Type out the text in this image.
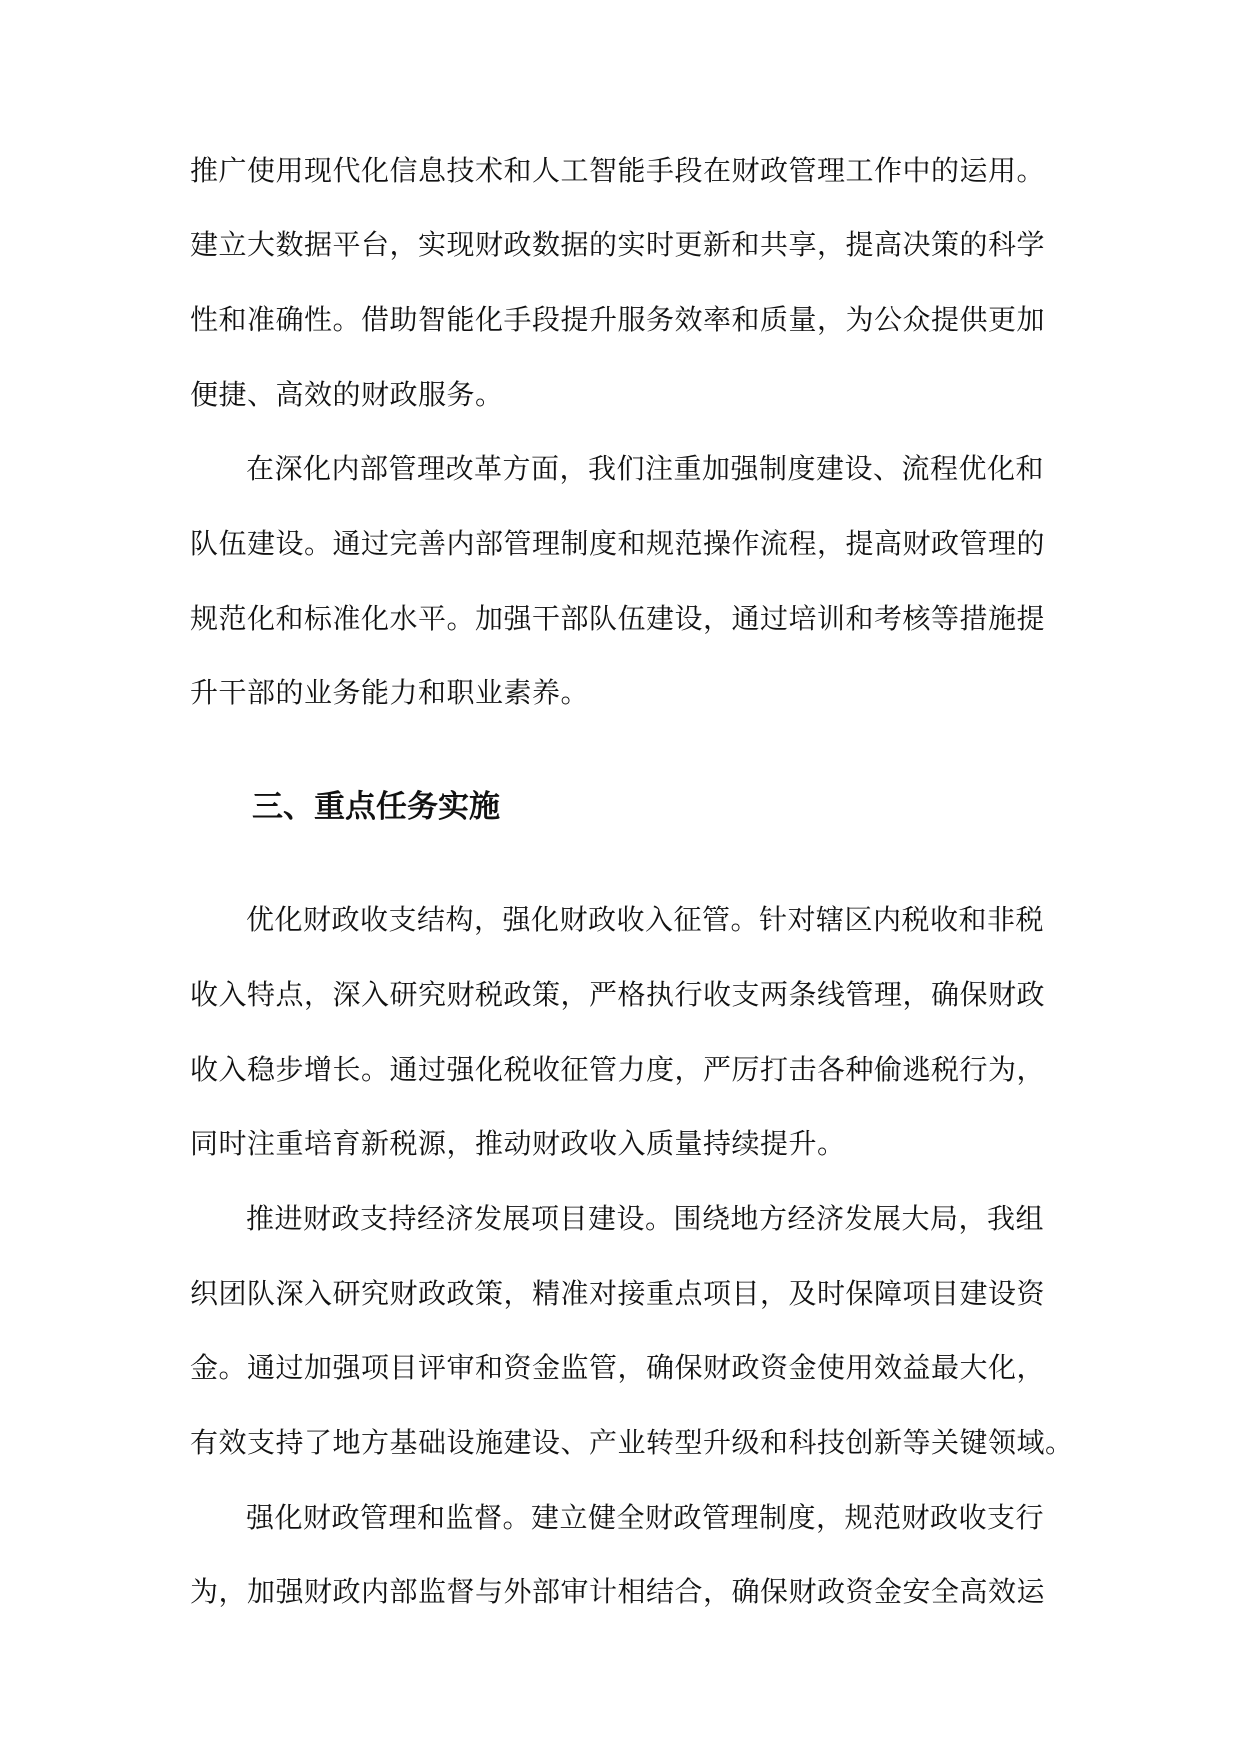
推广使用现代化信息技术和人工智能手段在财政管理工作中的运用。
建立大数据平台，实现财政数据的实时更新和共享，提高决策的科学
性和准确性。借助智能化手段提升服务效率和质量，为公众提供更加
便捷、高效的财政服务。
在深化内部管理改革方面，我们注重加强制度建设、流程优化和
队伍建设。通过完善内部管理制度和规范操作流程，提高财政管理的
规范化和标准化水平。加强干部队伍建设，通过培训和考核等措施提
升干部的业务能力和职业素养。
三、重点任务实施
优化财政收支结构，强化财政收入征管。针对辖区内税收和非税
收入特点，深入研究财税政策，严格执行收支两条线管理，确保财政
收入稳步增长。通过强化税收征管力度，严厉打击各种偷逃税行为，
同时注重培育新税源，推动财政收入质量持续提升。
推进财政支持经济发展项目建设。围绕地方经济发展大局，我组
织团队深入研究财政政策，精准对接重点项目，及时保障项目建设资
金。通过加强项目评审和资金监管，确保财政资金使用效益最大化，
有效支持了地方基础设施建设、产业转型升级和科技创新等关键领域。
强化财政管理和监督。建立健全财政管理制度，规范财政收支行
为，加强财政内部监督与外部审计相结合，确保财政资金安全高效运
